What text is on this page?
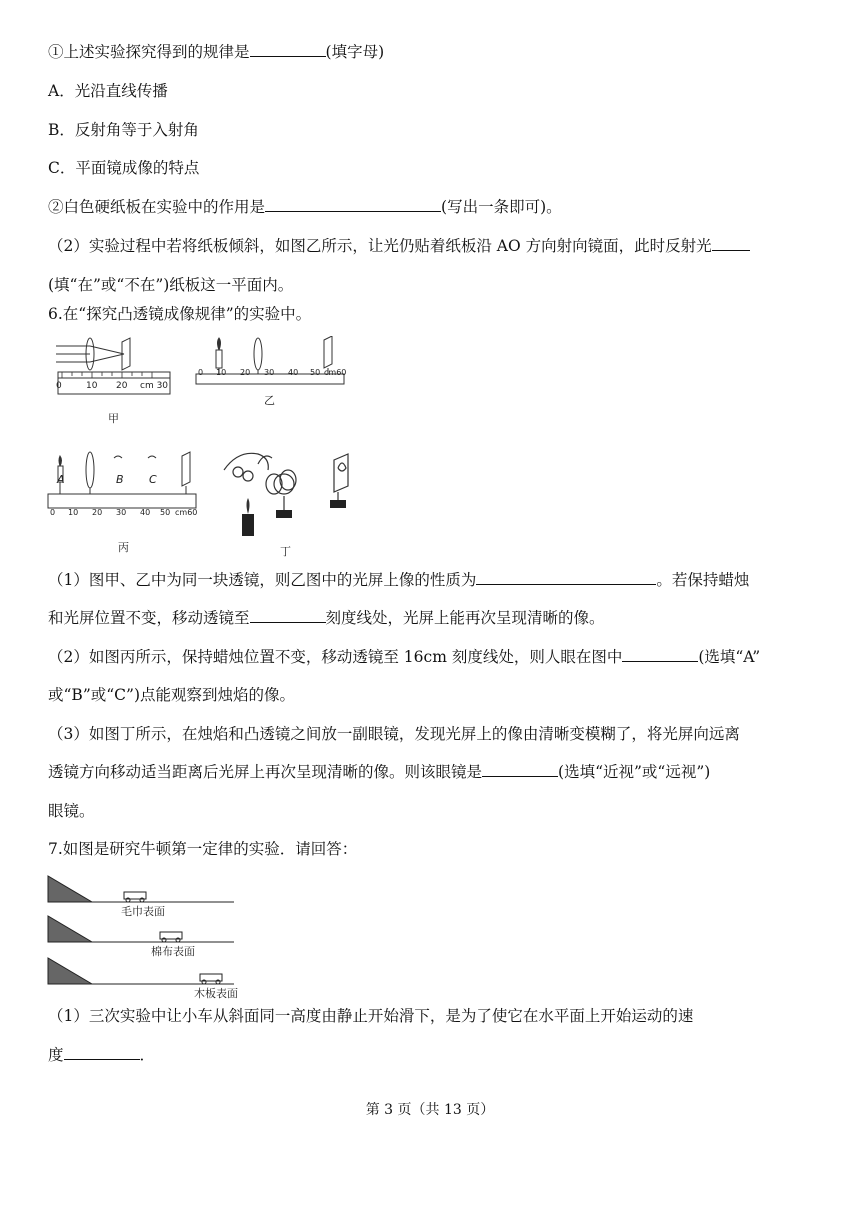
①上述实验探究得到的规律是	(填字母)
A．光沿直线传播
B．反射角等于入射角
C．平面镜成像的特点
②白色硬纸板在实验中的作用是	(写出一条即可)。
（2）实验过程中若将纸板倾斜，如图乙所示，让光仍贴着纸板沿 AO 方向射向镜面，此时反射光
(填“在”或“不在”)纸板这一平面内。
6.在“探究凸透镜成像规律”的实验中。
0	10 20 cm 30
甲
0 10 20 30 40 50 cm60
乙
A	B C
0 10 20 30 40 50 cm60
丙	丁
（1）图甲、乙中为同一块透镜，则乙图中的光屏上像的性质为	。若保持蜡烛
和光屏位置不变，移动透镜至	刻度线处，光屏上能再次呈现清晰的像。
（2）如图丙所示，保持蜡烛位置不变，移动透镜至 16cm 刻度线处，则人眼在图中	(选填“A”
或“B”或“C”)点能观察到烛焰的像。
（3）如图丁所示，在烛焰和凸透镜之间放一副眼镜，发现光屏上的像由清晰变模糊了，将光屏向远离
透镜方向移动适当距离后光屏上再次呈现清晰的像。则该眼镜是	(选填“近视”或“远视”)
眼镜。
7.如图是研究牛顿第一定律的实验．请回答：
毛巾表面
棉布表面
木板表面
（1）三次实验中让小车从斜面同一高度由静止开始滑下，是为了使它在水平面上开始运动的速
度	．
第 3 页（共 13 页）
